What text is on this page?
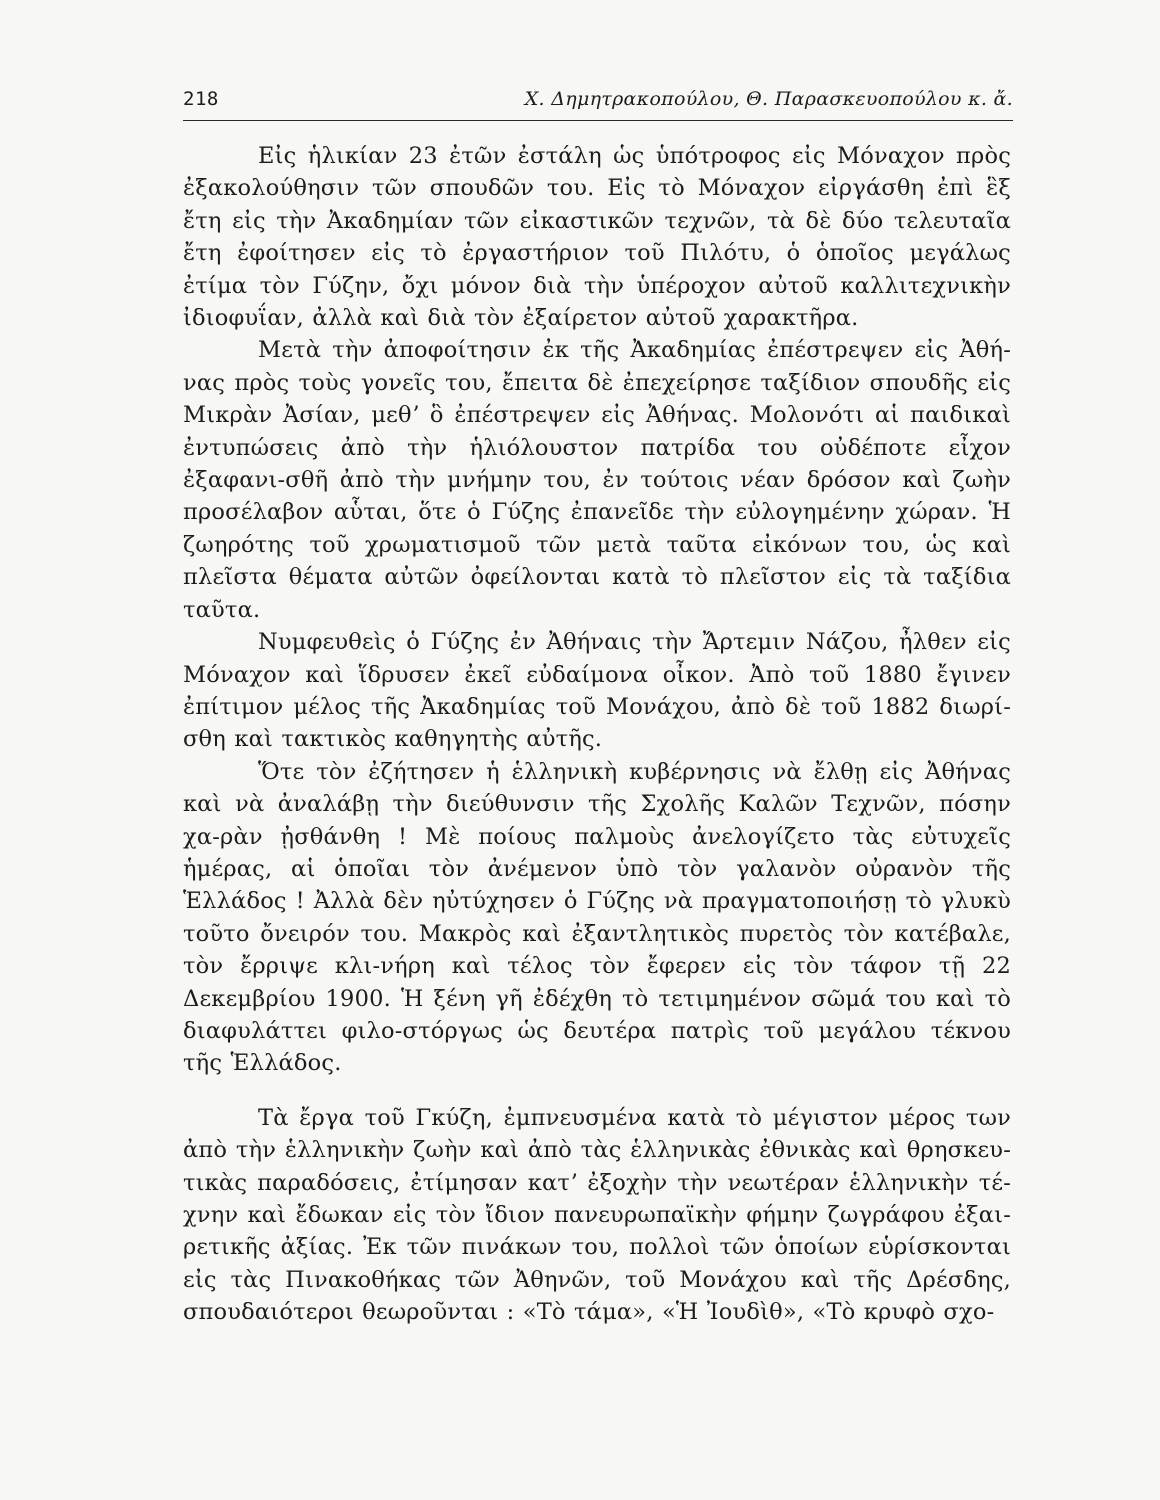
218	Χ. Δημητρακοπούλου, Θ. Παρασκευοπούλου κ. ἄ.

Εἰς ἡλικίαν 23 ἐτῶν ἐστάλη ὡς ὑπότροφος εἰς Μόναχον πρὸς ἐξακολούθησιν τῶν σπουδῶν του. Εἰς τὸ Μόναχον εἰργάσθη ἐπὶ ἓξ ἔτη εἰς τὴν Ἀκαδημίαν τῶν εἰκαστικῶν τεχνῶν, τὰ δὲ δύο τελευταῖα ἔτη ἐφοίτησεν εἰς τὸ ἐργαστήριον τοῦ Πιλότυ, ὁ ὁποῖος μεγάλως ἐτίμα τὸν Γύζην, ὄχι μόνον διὰ τὴν ὑπέροχον αὐτοῦ καλλιτεχνικὴν ἰδιοφυΐαν, ἀλλὰ καὶ διὰ τὸν ἐξαίρετον αὐτοῦ χαρακτῆρα.

Μετὰ τὴν ἀποφοίτησιν ἐκ τῆς Ἀκαδημίας ἐπέστρεψεν εἰς Ἀθή-νας πρὸς τοὺς γονεῖς του, ἔπειτα δὲ ἐπεχείρησε ταξίδιον σπουδῆς εἰς Μικρὰν Ἀσίαν, μεθʼ ὃ ἐπέστρεψεν εἰς Ἀθήνας. Μολονότι αἱ παιδικαὶ ἐντυπώσεις ἀπὸ τὴν ἡλιόλουστον πατρίδα του οὐδέποτε εἶχον ἐξαφανι-σθῆ ἀπὸ τὴν μνήμην του, ἐν τούτοις νέαν δρόσον καὶ ζωὴν προσέλαβον αὗται, ὅτε ὁ Γύζης ἐπανεῖδε τὴν εὐλογημένην χώραν. Ἡ ζωηρότης τοῦ χρωματισμοῦ τῶν μετὰ ταῦτα εἰκόνων του, ὡς καὶ πλεῖστα θέματα αὐτῶν ὀφείλονται κατὰ τὸ πλεῖστον εἰς τὰ ταξίδια ταῦτα.

Νυμφευθεὶς ὁ Γύζης ἐν Ἀθήναις τὴν Ἄρτεμιν Νάζου, ἦλθεν εἰς Μόναχον καὶ ἵδρυσεν ἐκεῖ εὐδαίμονα οἶκον. Ἀπὸ τοῦ 1880 ἔγινεν ἐπίτιμον μέλος τῆς Ἀκαδημίας τοῦ Μονάχου, ἀπὸ δὲ τοῦ 1882 διωρί-σθη καὶ τακτικὸς καθηγητὴς αὐτῆς.

Ὅτε τὸν ἐζήτησεν ἡ ἑλληνικὴ κυβέρνησις νὰ ἔλθῃ εἰς Ἀθήνας καὶ νὰ ἀναλάβῃ τὴν διεύθυνσιν τῆς Σχολῆς Καλῶν Τεχνῶν, πόσην χα-ρὰν ᾐσθάνθη ! Μὲ ποίους παλμοὺς ἀνελογίζετο τὰς εὐτυχεῖς ἡμέρας, αἱ ὁποῖαι τὸν ἀνέμενον ὑπὸ τὸν γαλανὸν οὐρανὸν τῆς Ἑλλάδος ! Ἀλλὰ δὲν ηὐτύχησεν ὁ Γύζης νὰ πραγματοποιήσῃ τὸ γλυκὺ τοῦτο ὄνειρόν του. Μακρὸς καὶ ἐξαντλητικὸς πυρετὸς τὸν κατέβαλε, τὸν ἔρριψε κλι-νήρη καὶ τέλος τὸν ἔφερεν εἰς τὸν τάφον τῇ 22 Δεκεμβρίου 1900. Ἡ ξένη γῆ ἐδέχθη τὸ τετιμημένον σῶμά του καὶ τὸ διαφυλάττει φιλο-στόργως ὡς δευτέρα πατρὶς τοῦ μεγάλου τέκνου τῆς Ἑλλάδος.

Τὰ ἔργα τοῦ Γκύζη, ἐμπνευσμένα κατὰ τὸ μέγιστον μέρος των ἀπὸ τὴν ἑλληνικὴν ζωὴν καὶ ἀπὸ τὰς ἑλληνικὰς ἐθνικὰς καὶ θρησκευ-τικὰς παραδόσεις, ἐτίμησαν κατʼ ἐξοχὴν τὴν νεωτέραν ἑλληνικὴν τέ-χνην καὶ ἔδωκαν εἰς τὸν ἴδιον πανευρωπαϊκὴν φήμην ζωγράφου ἐξαι-ρετικῆς ἀξίας. Ἐκ τῶν πινάκων του, πολλοὶ τῶν ὁποίων εὑρίσκονται εἰς τὰς Πινακοθήκας τῶν Ἀθηνῶν, τοῦ Μονάχου καὶ τῆς Δρέσδης, σπουδαιότεροι θεωροῦνται : «Τὸ τάμα», «Ἡ Ἰουδὶθ», «Τὸ κρυφὸ σχο-
